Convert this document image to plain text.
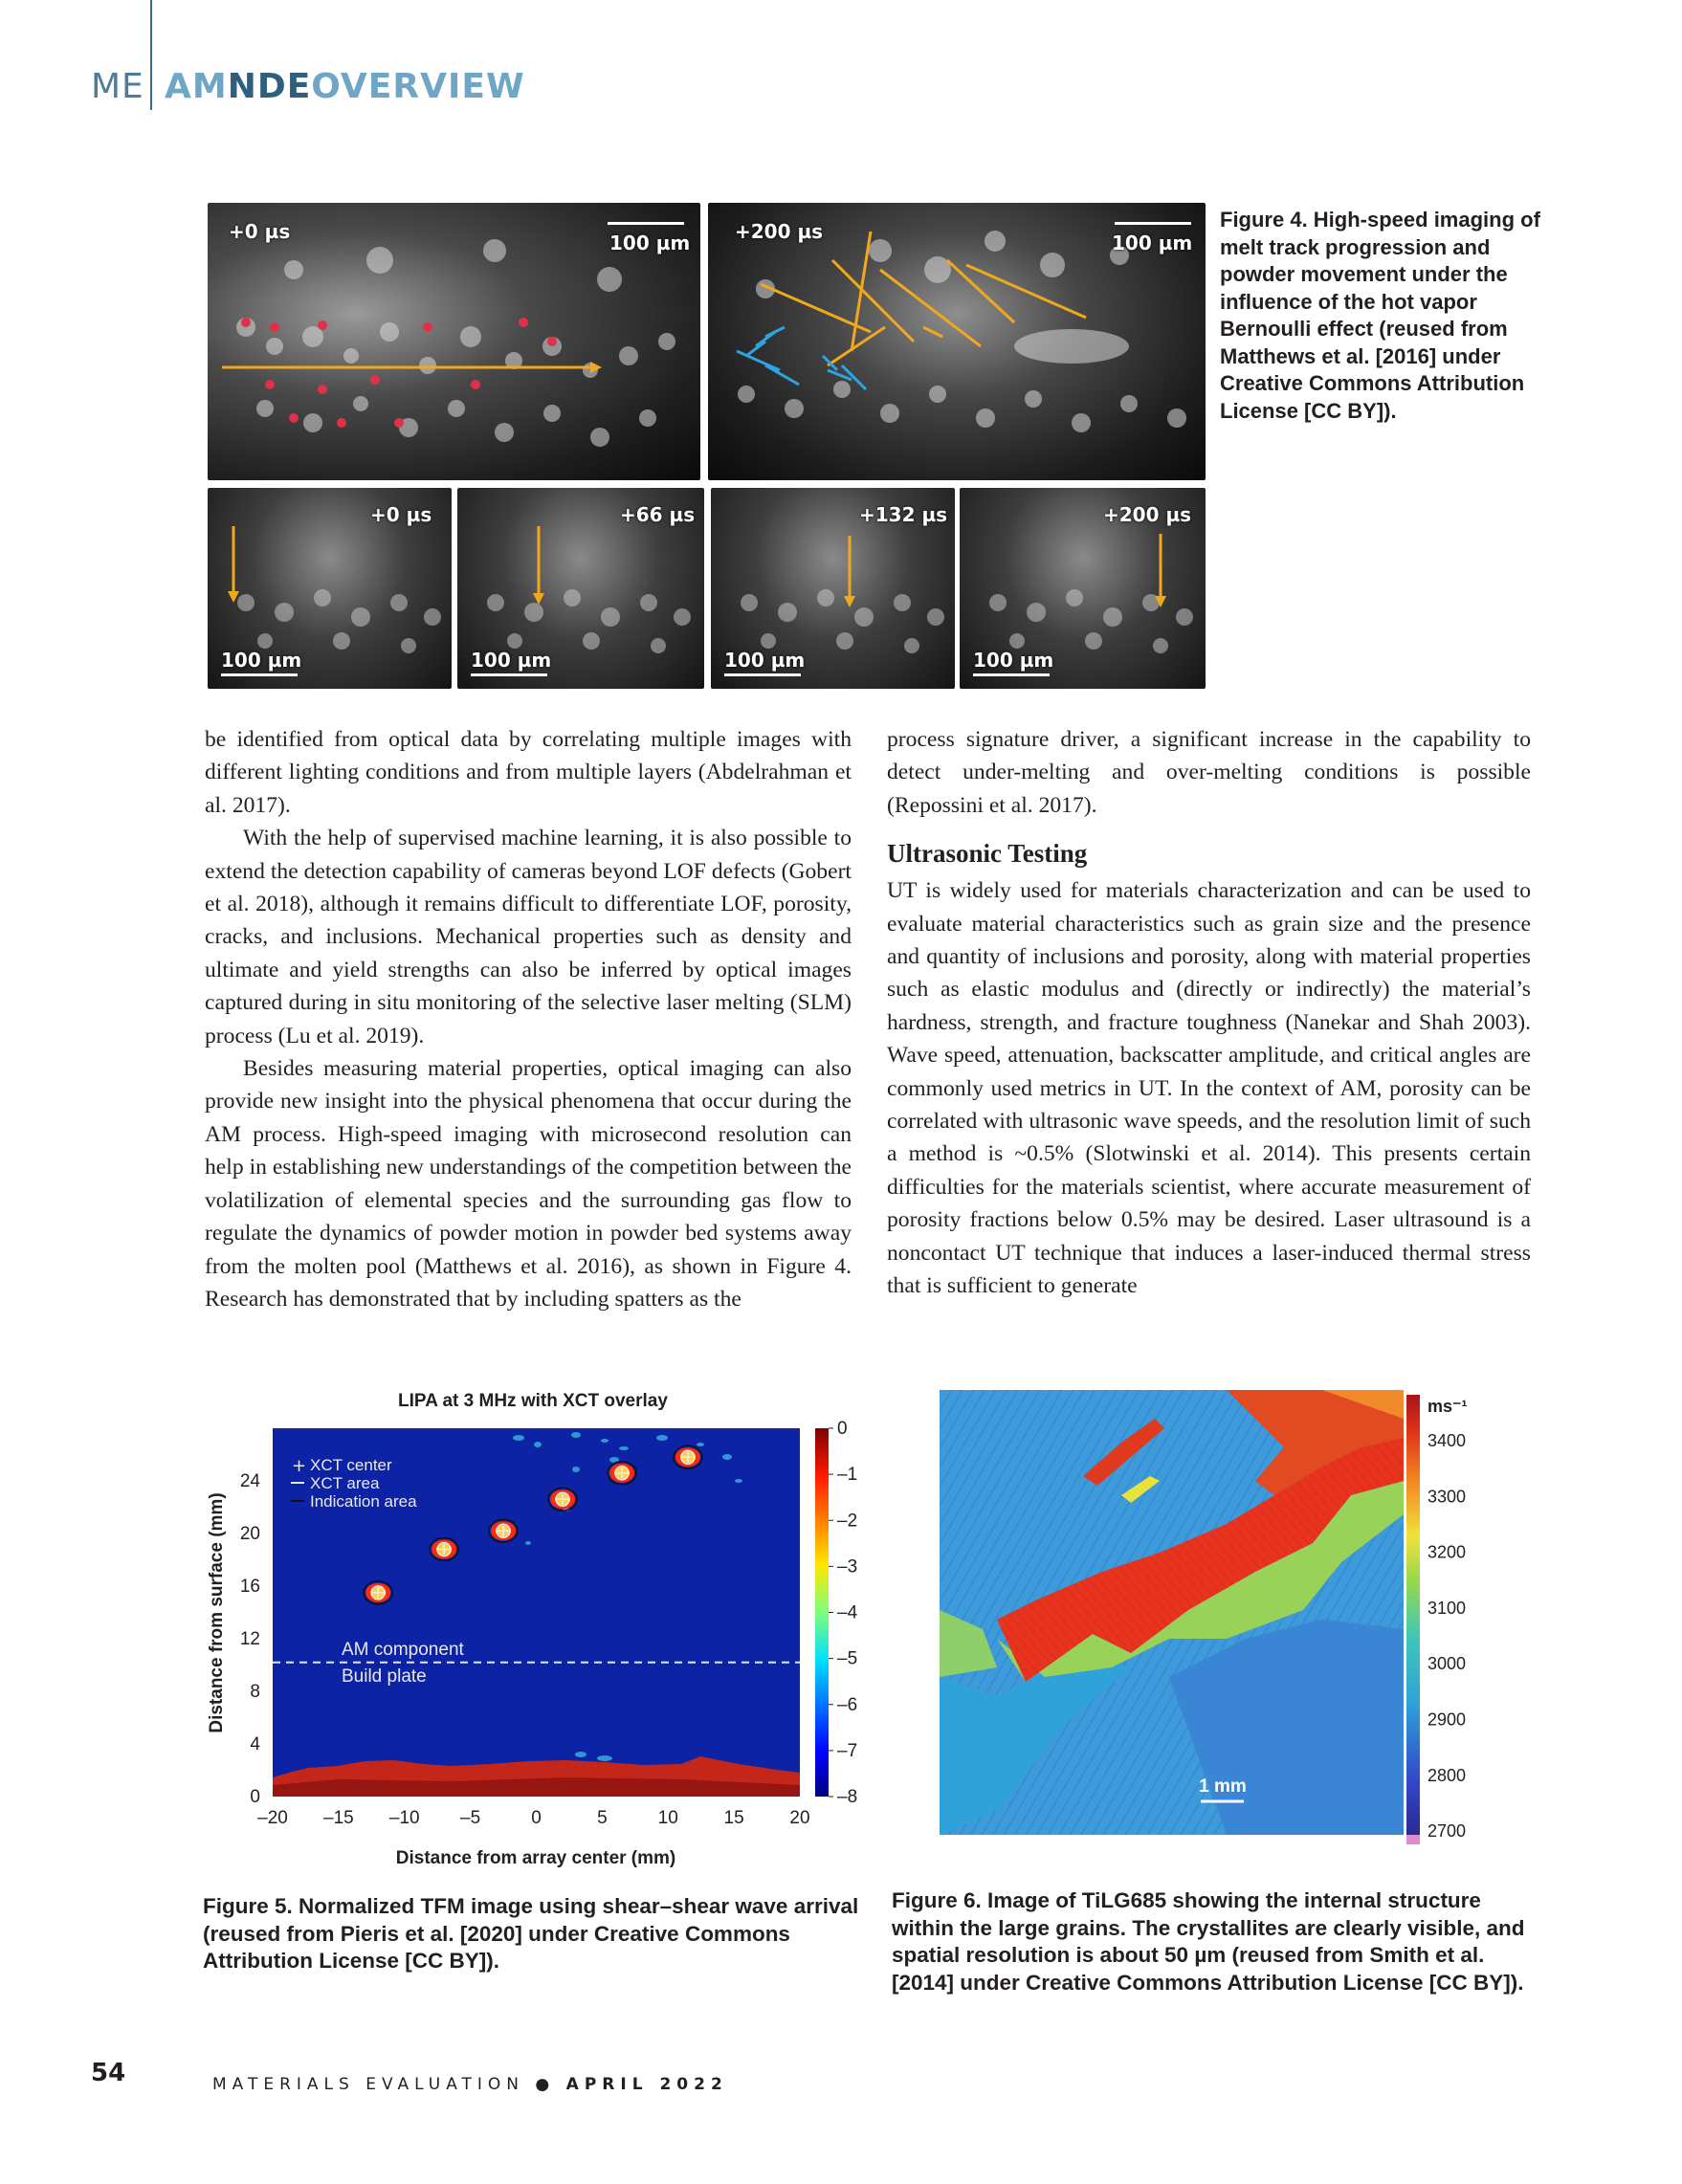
ME AMNDEOVERVIEW
+0 µs	100 µm +200 µs	100 µm
+0 µs
100 µm
+66 µs
100 µm
+132 µs
100 µm
+200 µs
100 µm
Figure 4. High-speed imaging of melt track progression and powder movement under the influence of the hot vapor Bernoulli effect (reused from Matthews et al. [2016] under Creative Commons Attribution License [CC BY]).

be identified from optical data by correlating multiple images with different lighting conditions and from multiple layers (Abdelrahman et al. 2017).

With the help of supervised machine learning, it is also possible to extend the detection capability of cameras beyond LOF defects (Gobert et al. 2018), although it remains difficult to differentiate LOF, porosity, cracks, and inclusions. Mechanical properties such as density and ultimate and yield strengths can also be inferred by optical images captured during in situ monitoring of the selective laser melting (SLM) process (Lu et al. 2019).

Besides measuring material properties, optical imaging can also provide new insight into the physical phenomena that occur during the AM process. High-speed imaging with microsecond resolution can help in establishing new understandings of the competition between the volatilization of elemental species and the surrounding gas flow to regulate the dynamics of powder motion in powder bed systems away from the molten pool (Matthews et al. 2016), as shown in Figure 4. Research has demonstrated that by including spatters as the

process signature driver, a significant increase in the capability to detect under-melting and over-melting conditions is possible (Repossini et al. 2017).

Ultrasonic Testing

UT is widely used for materials characterization and can be used to evaluate material characteristics such as grain size and the presence and quantity of inclusions and porosity, along with material properties such as elastic modulus and (directly or indirectly) the material’s hardness, strength, and fracture toughness (Nanekar and Shah 2003). Wave speed, attenuation, backscatter amplitude, and critical angles are commonly used metrics in UT. In the context of AM, porosity can be correlated with ultrasonic wave speeds, and the resolution limit of such a method is ~0.5% (Slotwinski et al. 2014). This presents certain difficulties for the materials scientist, where accurate measurement of porosity fractions below 0.5% may be desired. Laser ultrasound is a noncontact UT technique that induces a laser-induced thermal stress that is sufficient to generate

LIPA at 3 MHz with XCT overlay
AM component
Build plate
+ XCT center
XCT area
Indication area
–20 –15 –10 –5	0	5	10	15	20
0
4
8
12
16
20
24
Distance from array center (mm)
Distance from surface (mm)
0
–1
–2
–3
–4
–5
–6
–7
–8
Figure 5. Normalized TFM image using shear–shear wave arrival (reused from Pieris et al. [2020] under Creative Commons Attribution License [CC BY]).
1 mm
ms⁻¹
3400
3300
3200
3100
3000
2900
2800
2700
Figure 6. Image of TiLG685 showing the internal structure within the large grains. The crystallites are clearly visible, and spatial resolution is about 50 µm (reused from Smith et al. [2014] under Creative Commons Attribution License [CC BY]).
54	MATERIALS EVALUATION ● APRIL 2022
